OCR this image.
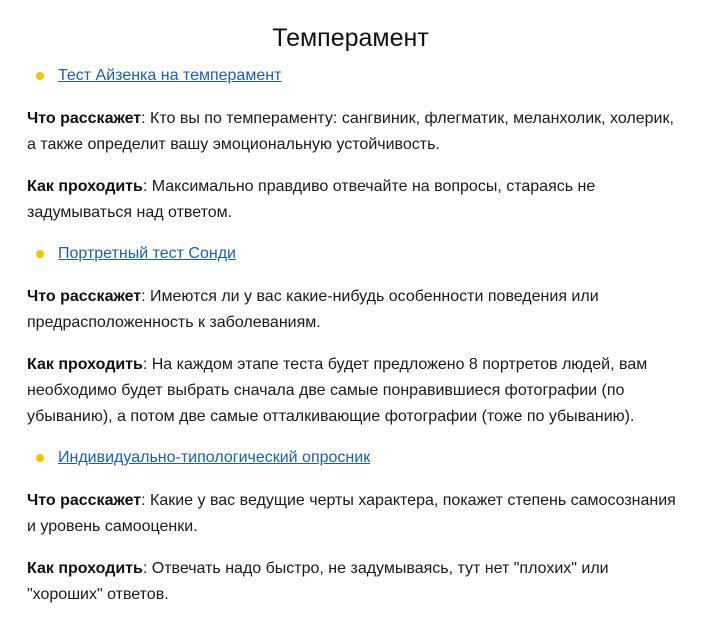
Темперамент
Тест Айзенка на темперамент

Что расскажет: Кто вы по темпераменту: сангвиник, флегматик, меланхолик, холерик, а также определит вашу эмоциональную устойчивость.

Как проходить: Максимально правдиво отвечайте на вопросы, стараясь не задумываться над ответом.

Портретный тест Сонди

Что расскажет: Имеются ли у вас какие-нибудь особенности поведения или предрасположенность к заболеваниям.

Как проходить: На каждом этапе теста будет предложено 8 портретов людей, вам необходимо будет выбрать сначала две самые понравившиеся фотографии (по убыванию), а потом две самые отталкивающие фотографии (тоже по убыванию).

Индивидуально-типологический опросник

Что расскажет: Какие у вас ведущие черты характера, покажет степень самосознания и уровень самооценки.

Как проходить: Отвечать надо быстро, не задумываясь, тут нет "плохих" или "хороших" ответов.
